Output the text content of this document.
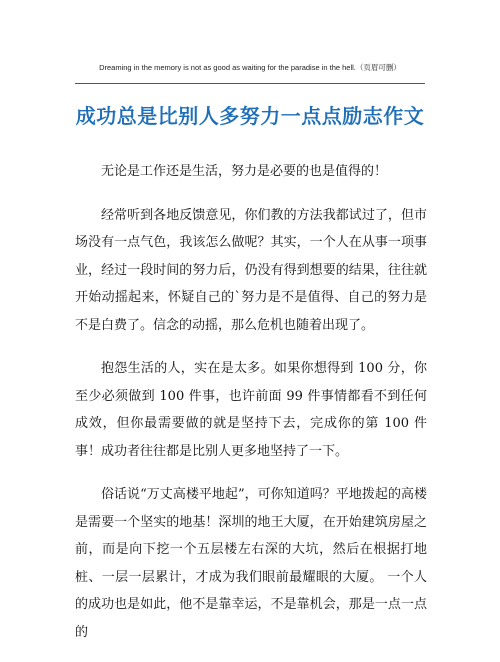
Dreaming in the memory is not as good as waiting for the paradise in the hell.（页眉可删）
成功总是比别人多努力一点点励志作文

无论是工作还是生活，努力是必要的也是值得的！

经常听到各地反馈意见，你们教的方法我都试过了，但市场没有一点气色，我该怎么做呢？其实，一个人在从事一项事业，经过一段时间的努力后，仍没有得到想要的结果，往往就开始动摇起来，怀疑自己的`努力是不是值得、自己的努力是不是白费了。信念的动摇，那么危机也随着出现了。

抱怨生活的人，实在是太多。如果你想得到 100 分，你至少必须做到 100 件事，也许前面 99 件事情都看不到任何成效，但你最需要做的就是坚持下去，完成你的第 100 件事！成功者往往都是比别人更多地坚持了一下。

俗话说“万丈高楼平地起”，可你知道吗？平地拨起的高楼是需要一个坚实的地基！深圳的地王大厦，在开始建筑房屋之前，而是向下挖一个五层楼左右深的大坑，然后在根据打地桩、一层一层累计，才成为我们眼前最耀眼的大厦。 一个人的成功也是如此，他不是靠幸运，不是靠机会，那是一点一点的
